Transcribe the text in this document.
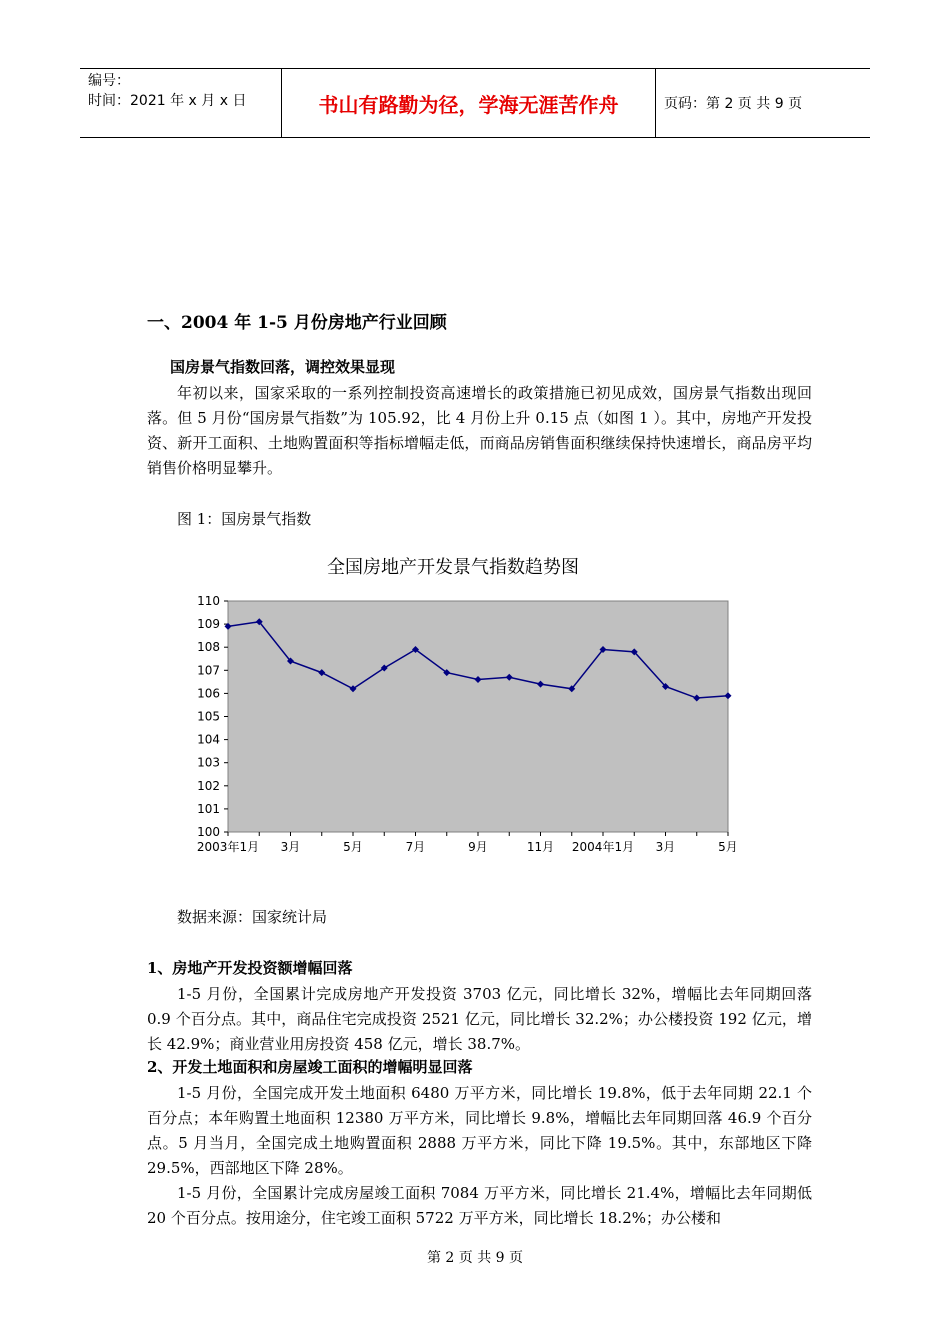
编号：
时间：2021 年 x 月 x 日	书山有路勤为径，学海无涯苦作舟	页码：第 2 页 共 9 页
一、2004 年 1-5 月份房地产行业回顾
国房景气指数回落，调控效果显现
年初以来，国家采取的一系列控制投资高速增长的政策措施已初见成效，国房景气指数出现回落。但 5 月份“国房景气指数”为 105.92，比 4 月份上升 0.15 点（如图 1 ）。其中，房地产开发投资、新开工面积、土地购置面积等指标增幅走低，而商品房销售面积继续保持快速增长，商品房平均销售价格明显攀升。
图 1：国房景气指数
全国房地产开发景气指数趋势图
110
109
108
107
106
105
104
103
102
101
100
2003年1月 3月	5月	7月	9月	11月 2004年1月 3月	5月
数据来源：国家统计局
1、房地产开发投资额增幅回落
1-5 月份，全国累计完成房地产开发投资 3703 亿元，同比增长 32%，增幅比去年同期回落 0.9 个百分点。其中，商品住宅完成投资 2521 亿元，同比增长 32.2%；办公楼投资 192 亿元，增长 42.9%；商业营业用房投资 458 亿元，增长 38.7%。
2、开发土地面积和房屋竣工面积的增幅明显回落
1-5 月份，全国完成开发土地面积 6480 万平方米，同比增长 19.8%，低于去年同期 22.1 个百分点；本年购置土地面积 12380 万平方米，同比增长 9.8%，增幅比去年同期回落 46.9 个百分点。5 月当月，全国完成土地购置面积 2888 万平方米，同比下降 19.5%。其中，东部地区下降 29.5%，西部地区下降 28%。
1-5 月份，全国累计完成房屋竣工面积 7084 万平方米，同比增长 21.4%，增幅比去年同期低 20 个百分点。按用途分，住宅竣工面积 5722 万平方米，同比增长 18.2%；办公楼和
第 2 页 共 9 页
